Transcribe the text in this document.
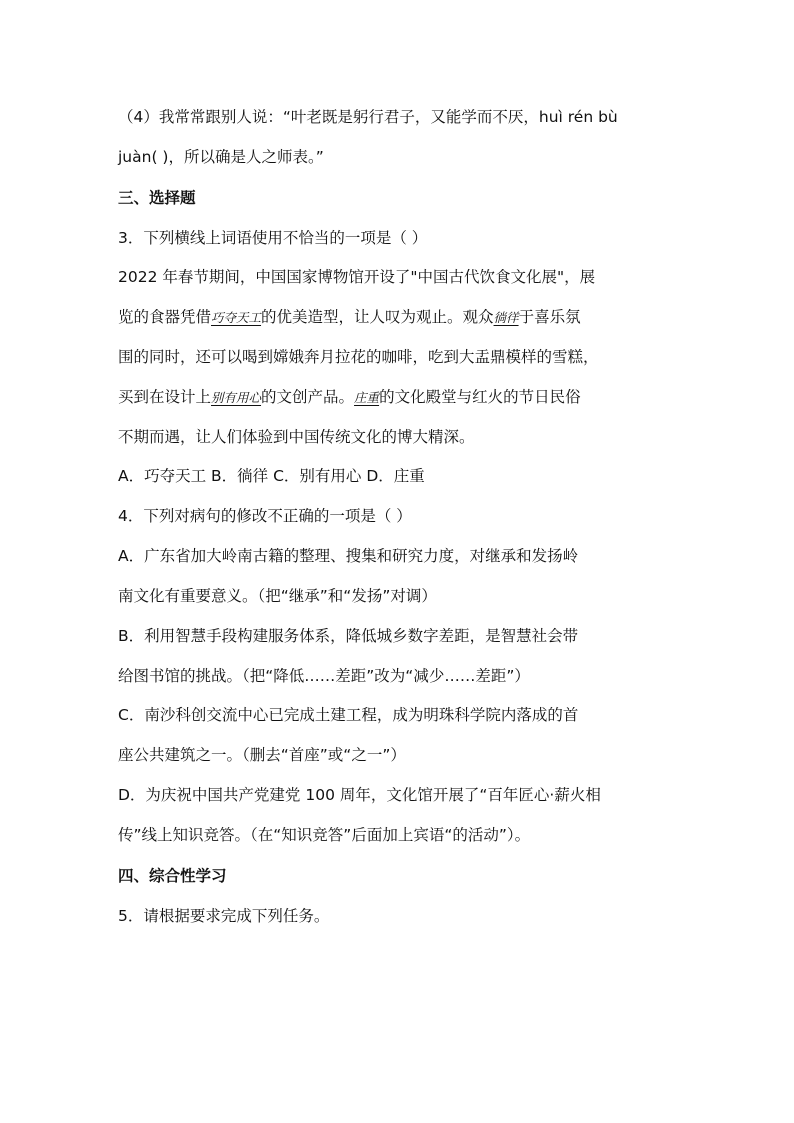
（4）我常常跟别人说：“叶老既是躬行君子，又能学而不厌，huì rén bù
juàn( )，所以确是人之师表。”
三、选择题
3．下列横线上词语使用不恰当的一项是（ ）
2022 年春节期间，中国国家博物馆开设了"中国古代饮食文化展"，展
览的食器凭借巧夺天工的优美造型，让人叹为观止。观众徜徉于喜乐氛
围的同时，还可以喝到嫦娥奔月拉花的咖啡，吃到大盂鼎模样的雪糕，
买到在设计上别有用心的文创产品。庄重的文化殿堂与红火的节日民俗
不期而遇，让人们体验到中国传统文化的博大精深。
A．巧夺天工 B．徜徉 C．别有用心 D．庄重
4．下列对病句的修改不正确的一项是（ ）
A．广东省加大岭南古籍的整理、搜集和研究力度，对继承和发扬岭
南文化有重要意义。（把“继承”和“发扬”对调）
B．利用智慧手段构建服务体系，降低城乡数字差距，是智慧社会带
给图书馆的挑战。（把“降低……差距”改为“减少……差距”）
C．南沙科创交流中心已完成土建工程，成为明珠科学院内落成的首
座公共建筑之一。（删去“首座”或“之一”）
D．为庆祝中国共产党建党 100 周年，文化馆开展了“百年匠心·薪火相
传”线上知识竞答。（在“知识竞答”后面加上宾语“的活动”）。
四、综合性学习
5．请根据要求完成下列任务。
